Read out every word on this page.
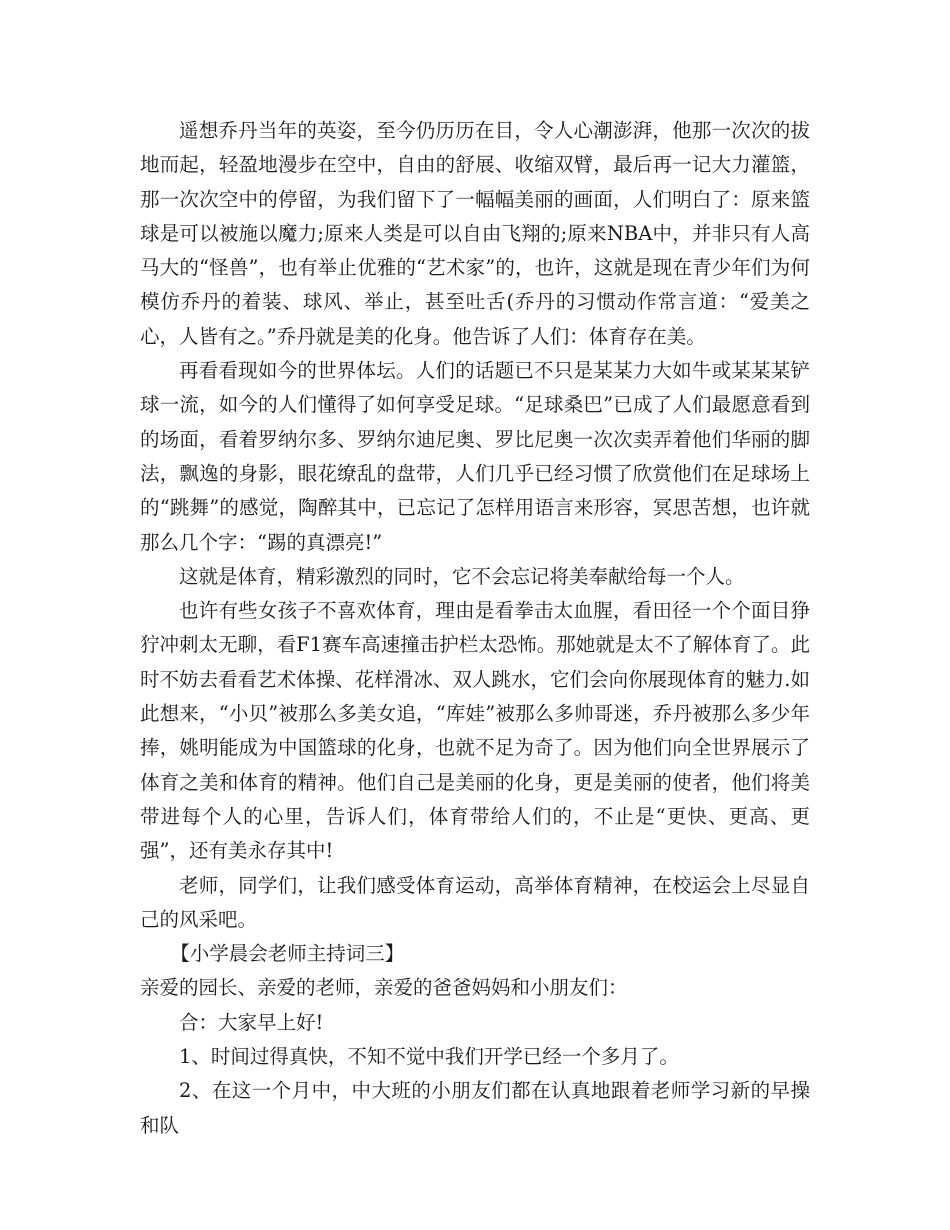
遥想乔丹当年的英姿，至今仍历历在目，令人心潮澎湃，他那一次次的拔地而起，轻盈地漫步在空中，自由的舒展、收缩双臂，最后再一记大力灌篮，那一次次空中的停留，为我们留下了一幅幅美丽的画面，人们明白了：原来篮球是可以被施以魔力;原来人类是可以自由飞翔的;原来NBA中，并非只有人高马大的“怪兽”，也有举止优雅的“艺术家”的，也许，这就是现在青少年们为何模仿乔丹的着装、球风、举止，甚至吐舌(乔丹的习惯动作常言道：“爱美之心，人皆有之。”乔丹就是美的化身。他告诉了人们：体育存在美。

再看看现如今的世界体坛。人们的话题已不只是某某力大如牛或某某某铲球一流，如今的人们懂得了如何享受足球。“足球桑巴”已成了人们最愿意看到的场面，看着罗纳尔多、罗纳尔迪尼奥、罗比尼奥一次次卖弄着他们华丽的脚法，飘逸的身影，眼花缭乱的盘带，人们几乎已经习惯了欣赏他们在足球场上的“跳舞”的感觉，陶醉其中，已忘记了怎样用语言来形容，冥思苦想，也许就那么几个字：“踢的真漂亮!”

这就是体育，精彩激烈的同时，它不会忘记将美奉献给每一个人。

也许有些女孩子不喜欢体育，理由是看拳击太血腥，看田径一个个面目狰狞冲刺太无聊，看F1赛车高速撞击护栏太恐怖。那她就是太不了解体育了。此时不妨去看看艺术体操、花样滑冰、双人跳水，它们会向你展现体育的魅力.如此想来，“小贝”被那么多美女追，“库娃”被那么多帅哥迷，乔丹被那么多少年捧，姚明能成为中国篮球的化身，也就不足为奇了。因为他们向全世界展示了体育之美和体育的精神。他们自己是美丽的化身，更是美丽的使者，他们将美带进每个人的心里，告诉人们，体育带给人们的，不止是“更快、更高、更强”，还有美永存其中!

老师，同学们，让我们感受体育运动，高举体育精神，在校运会上尽显自己的风采吧。

【小学晨会老师主持词三】

亲爱的园长、亲爱的老师，亲爱的爸爸妈妈和小朋友们：

合：大家早上好!

1、时间过得真快，不知不觉中我们开学已经一个多月了。

2、在这一个月中，中大班的小朋友们都在认真地跟着老师学习新的早操和队
